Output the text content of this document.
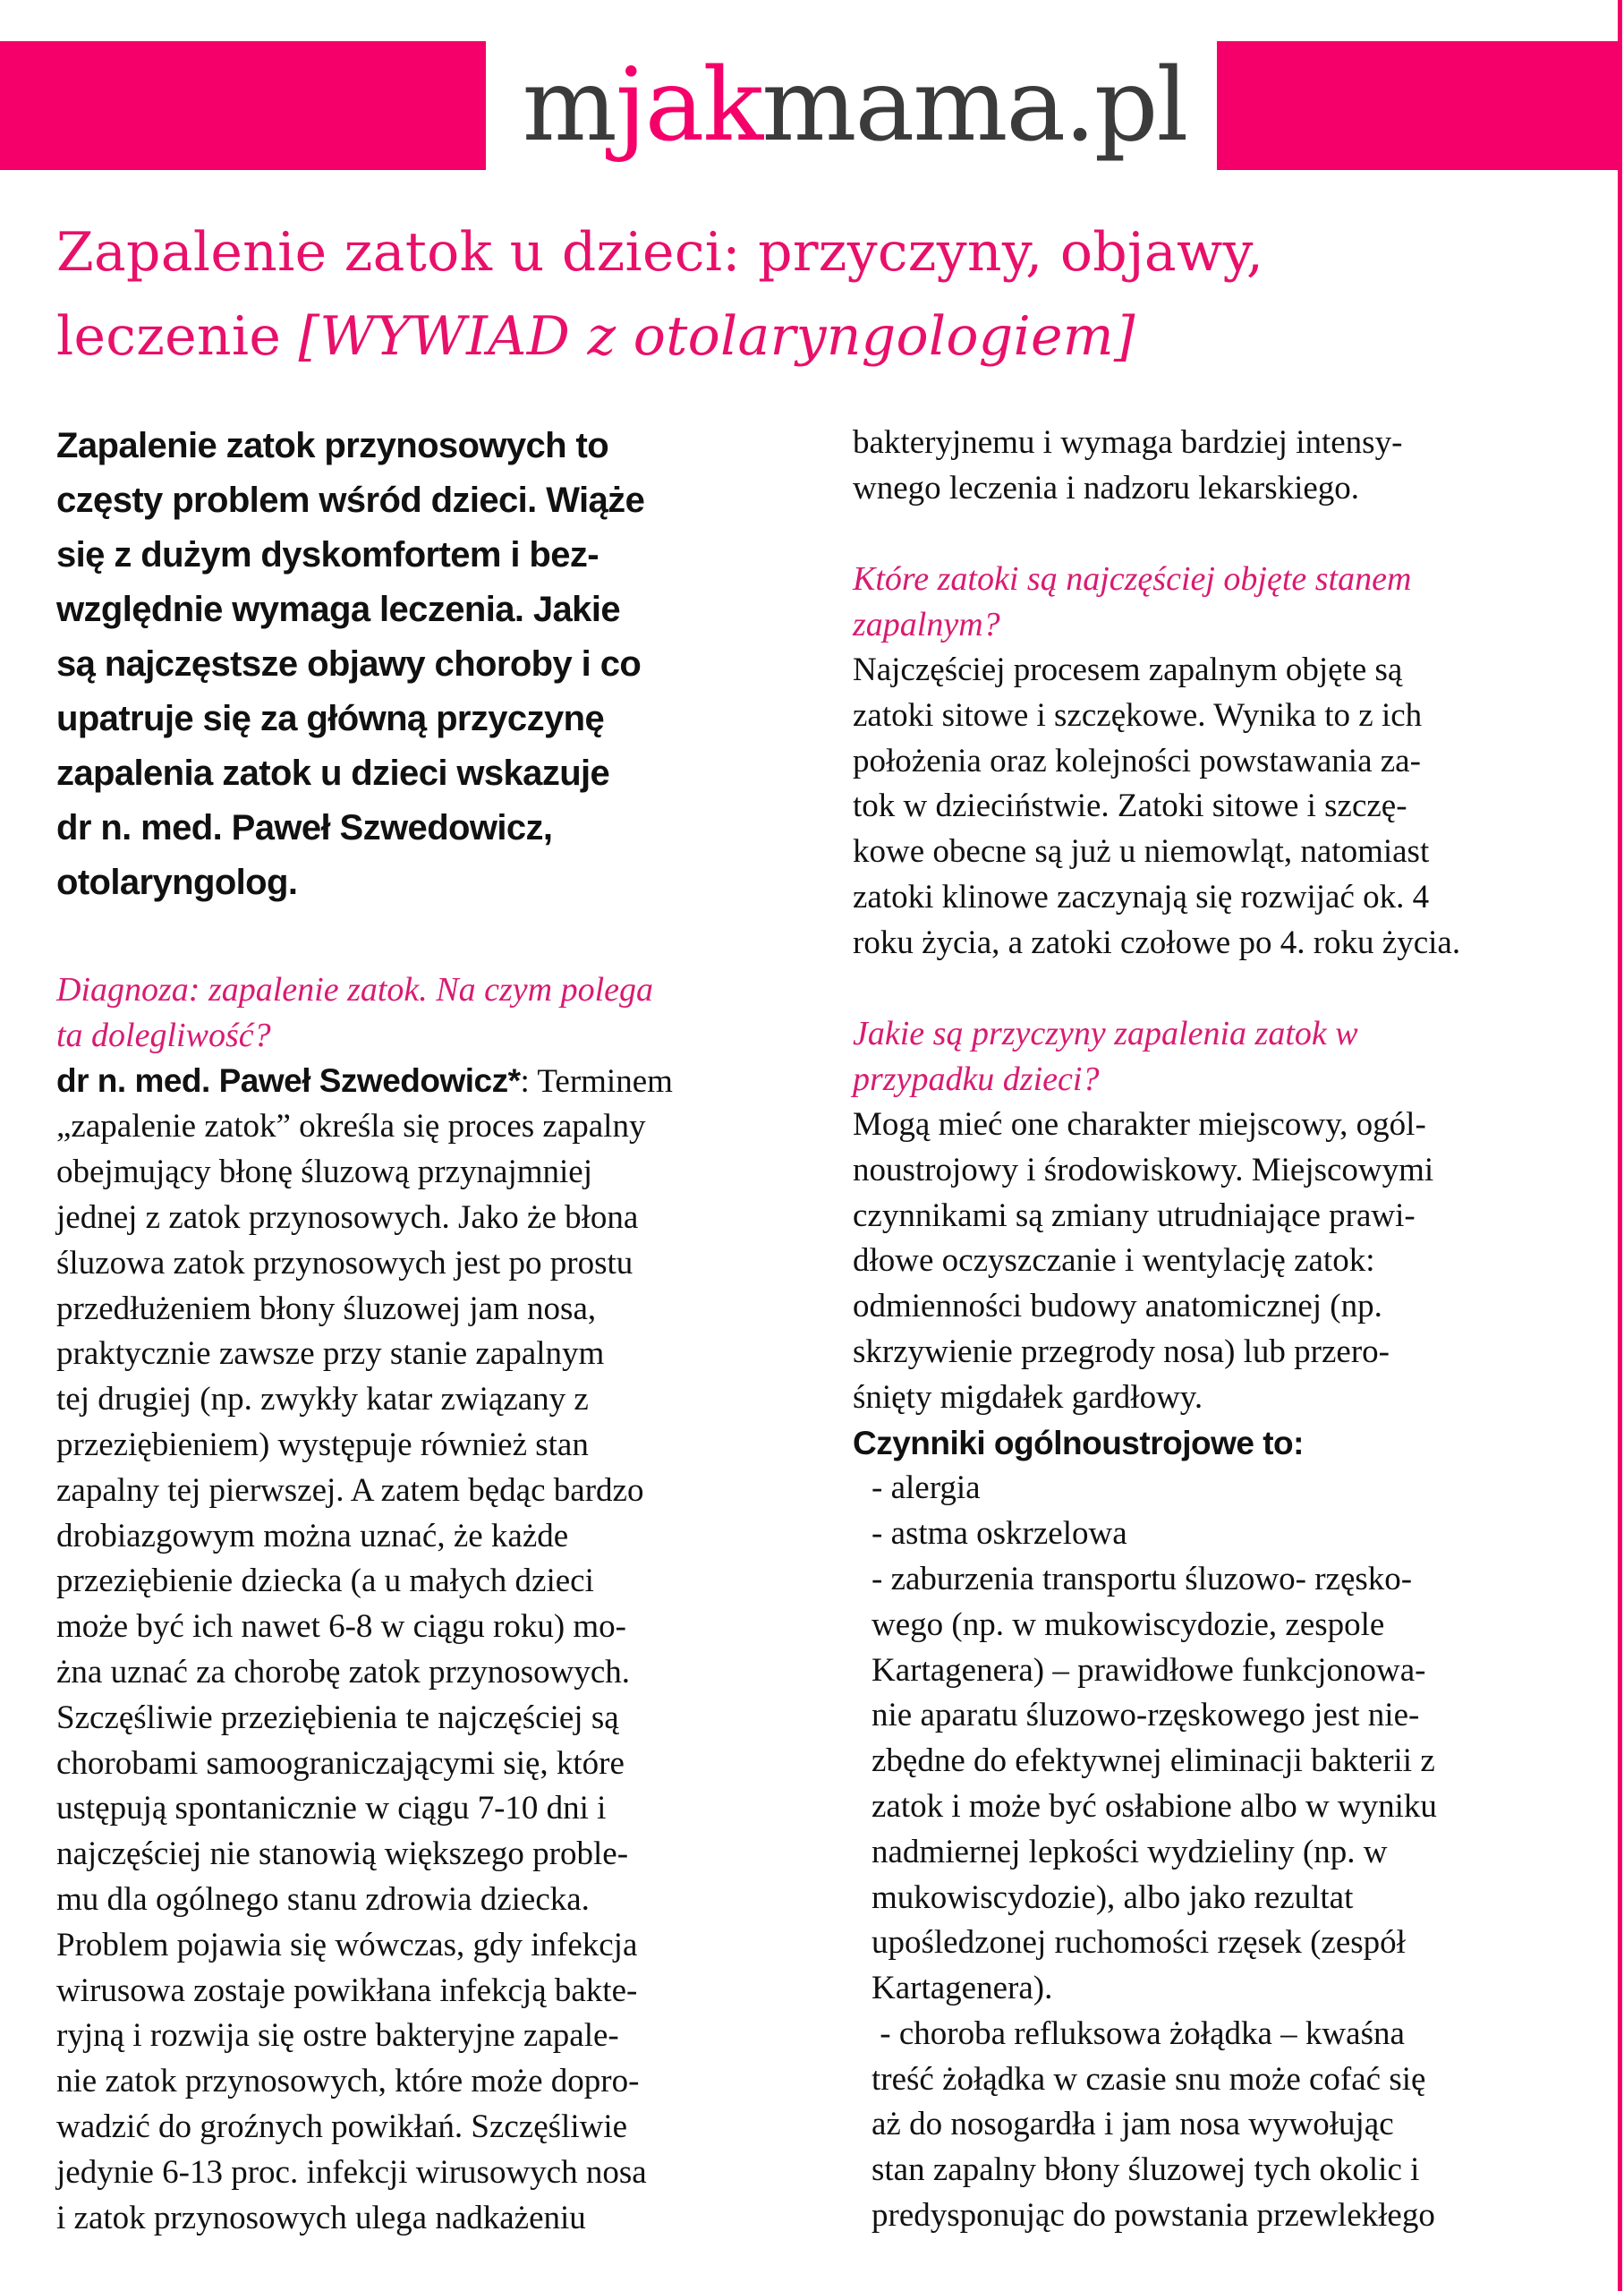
mjakmama.pl
Zapalenie zatok u dzieci: przyczyny, objawy,
leczenie [WYWIAD z otolaryngologiem]

Zapalenie zatok przynosowych to
częsty problem wśród dzieci. Wiąże
się z dużym dyskomfortem i bez-
względnie wymaga leczenia. Jakie
są najczęstsze objawy choroby i co
upatruje się za główną przyczynę
zapalenia zatok u dzieci wskazuje
dr n. med. Paweł Szwedowicz,
otolaryngolog.

Diagnoza: zapalenie zatok. Na czym polega
ta dolegliwość?
dr n. med. Paweł Szwedowicz*: Terminem
„zapalenie zatok” określa się proces zapalny
obejmujący błonę śluzową przynajmniej
jednej z zatok przynosowych. Jako że błona
śluzowa zatok przynosowych jest po prostu
przedłużeniem błony śluzowej jam nosa,
praktycznie zawsze przy stanie zapalnym
tej drugiej (np. zwykły katar związany z
przeziębieniem) występuje również stan
zapalny tej pierwszej. A zatem będąc bardzo
drobiazgowym można uznać, że każde
przeziębienie dziecka (a u małych dzieci
może być ich nawet 6-8 w ciągu roku) mo-
żna uznać za chorobę zatok przynosowych.
Szczęśliwie przeziębienia te najczęściej są
chorobami samoograniczającymi się, które
ustępują spontanicznie w ciągu 7-10 dni i
najczęściej nie stanowią większego proble-
mu dla ogólnego stanu zdrowia dziecka.
Problem pojawia się wówczas, gdy infekcja
wirusowa zostaje powikłana infekcją bakte-
ryjną i rozwija się ostre bakteryjne zapale-
nie zatok przynosowych, które może dopro-
wadzić do groźnych powikłań. Szczęśliwie
jedynie 6-13 proc. infekcji wirusowych nosa
i zatok przynosowych ulega nadkażeniu
bakteryjnemu i wymaga bardziej intensy-
wnego leczenia i nadzoru lekarskiego.
Które zatoki są najczęściej objęte stanem
zapalnym?
Najczęściej procesem zapalnym objęte są
zatoki sitowe i szczękowe. Wynika to z ich
położenia oraz kolejności powstawania za-
tok w dzieciństwie. Zatoki sitowe i szczę-
kowe obecne są już u niemowląt, natomiast
zatoki klinowe zaczynają się rozwijać ok. 4
roku życia, a zatoki czołowe po 4. roku życia.
Jakie są przyczyny zapalenia zatok w
przypadku dzieci?
Mogą mieć one charakter miejscowy, ogól-
noustrojowy i środowiskowy. Miejscowymi
czynnikami są zmiany utrudniające prawi-
dłowe oczyszczanie i wentylację zatok:
odmienności budowy anatomicznej (np.
skrzywienie przegrody nosa) lub przero-
śnięty migdałek gardłowy.
Czynniki ogólnoustrojowe to:
- alergia
- astma oskrzelowa
- zaburzenia transportu śluzowo- rzęsko-
wego (np. w mukowiscydozie, zespole
Kartagenera) – prawidłowe funkcjonowa-
nie aparatu śluzowo-rzęskowego jest nie-
zbędne do efektywnej eliminacji bakterii z
zatok i może być osłabione albo w wyniku
nadmiernej lepkości wydzieliny (np. w
mukowiscydozie), albo jako rezultat
upośledzonej ruchomości rzęsek (zespół
Kartagenera).
- choroba refluksowa żołądka – kwaśna
treść żołądka w czasie snu może cofać się
aż do nosogardła i jam nosa wywołując
stan zapalny błony śluzowej tych okolic i
predysponując do powstania przewlekłego
